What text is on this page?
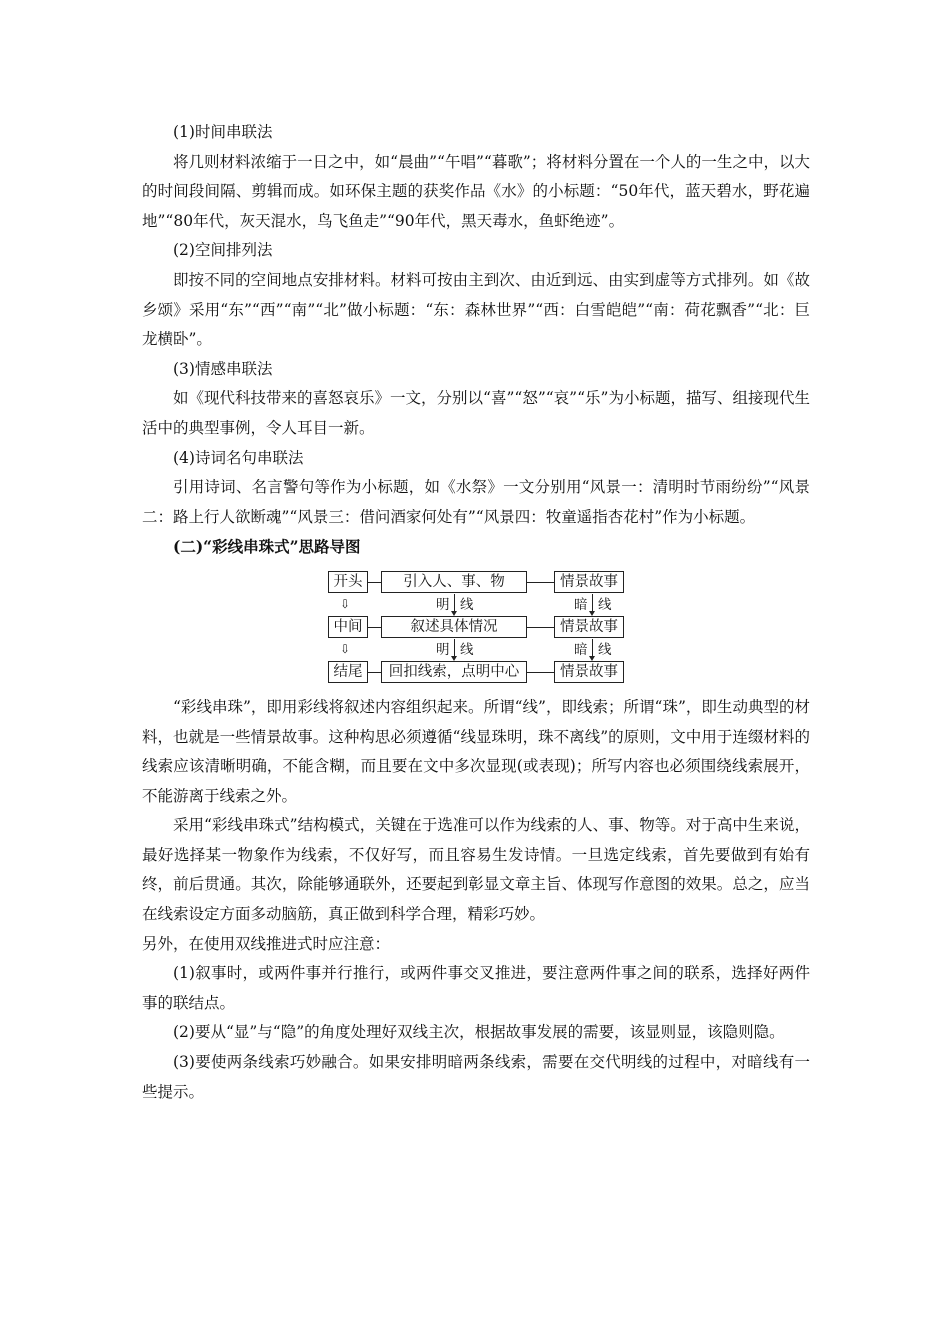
(1)时间串联法

将几则材料浓缩于一日之中，如“晨曲”“午唱”“暮歌”；将材料分置在一个人的一生之中，以大的时间段间隔、剪辑而成。如环保主题的获奖作品《水》的小标题：“50年代，蓝天碧水，野花遍地”“80年代，灰天混水，鸟飞鱼走”“90年代，黑天毒水，鱼虾绝迹”。

(2)空间排列法

即按不同的空间地点安排材料。材料可按由主到次、由近到远、由实到虚等方式排列。如《故乡颂》采用“东”“西”“南”“北”做小标题：“东：森林世界”“西：白雪皑皑”“南：荷花飘香”“北：巨龙横卧”。

(3)情感串联法

如《现代科技带来的喜怒哀乐》一文，分别以“喜”“怒”“哀”“乐”为小标题，描写、组接现代生活中的典型事例，令人耳目一新。

(4)诗词名句串联法

引用诗词、名言警句等作为小标题，如《水祭》一文分别用“风景一：清明时节雨纷纷”“风景二：路上行人欲断魂”“风景三：借问酒家何处有”“风景四：牧童遥指杏花村”作为小标题。

(二)“彩线串珠式”思路导图

开头	引入人、事、物	情景故事
⇩	明 线	暗 线
中间	叙述具体情况	情景故事
⇩	明 线	暗 线
结尾	回扣线索，点明中心	情景故事

“彩线串珠”，即用彩线将叙述内容组织起来。所谓“线”，即线索；所谓“珠”，即生动典型的材料，也就是一些情景故事。这种构思必须遵循“线显珠明，珠不离线”的原则，文中用于连缀材料的线索应该清晰明确，不能含糊，而且要在文中多次显现(或表现)；所写内容也必须围绕线索展开，不能游离于线索之外。

采用“彩线串珠式”结构模式，关键在于选准可以作为线索的人、事、物等。对于高中生来说，最好选择某一物象作为线索，不仅好写，而且容易生发诗情。一旦选定线索，首先要做到有始有终，前后贯通。其次，除能够通联外，还要起到彰显文章主旨、体现写作意图的效果。总之，应当在线索设定方面多动脑筋，真正做到科学合理，精彩巧妙。

另外，在使用双线推进式时应注意：

(1)叙事时，或两件事并行推行，或两件事交叉推进，要注意两件事之间的联系，选择好两件事的联结点。

(2)要从“显”与“隐”的角度处理好双线主次，根据故事发展的需要，该显则显，该隐则隐。

(3)要使两条线索巧妙融合。如果安排明暗两条线索，需要在交代明线的过程中，对暗线有一些提示。
